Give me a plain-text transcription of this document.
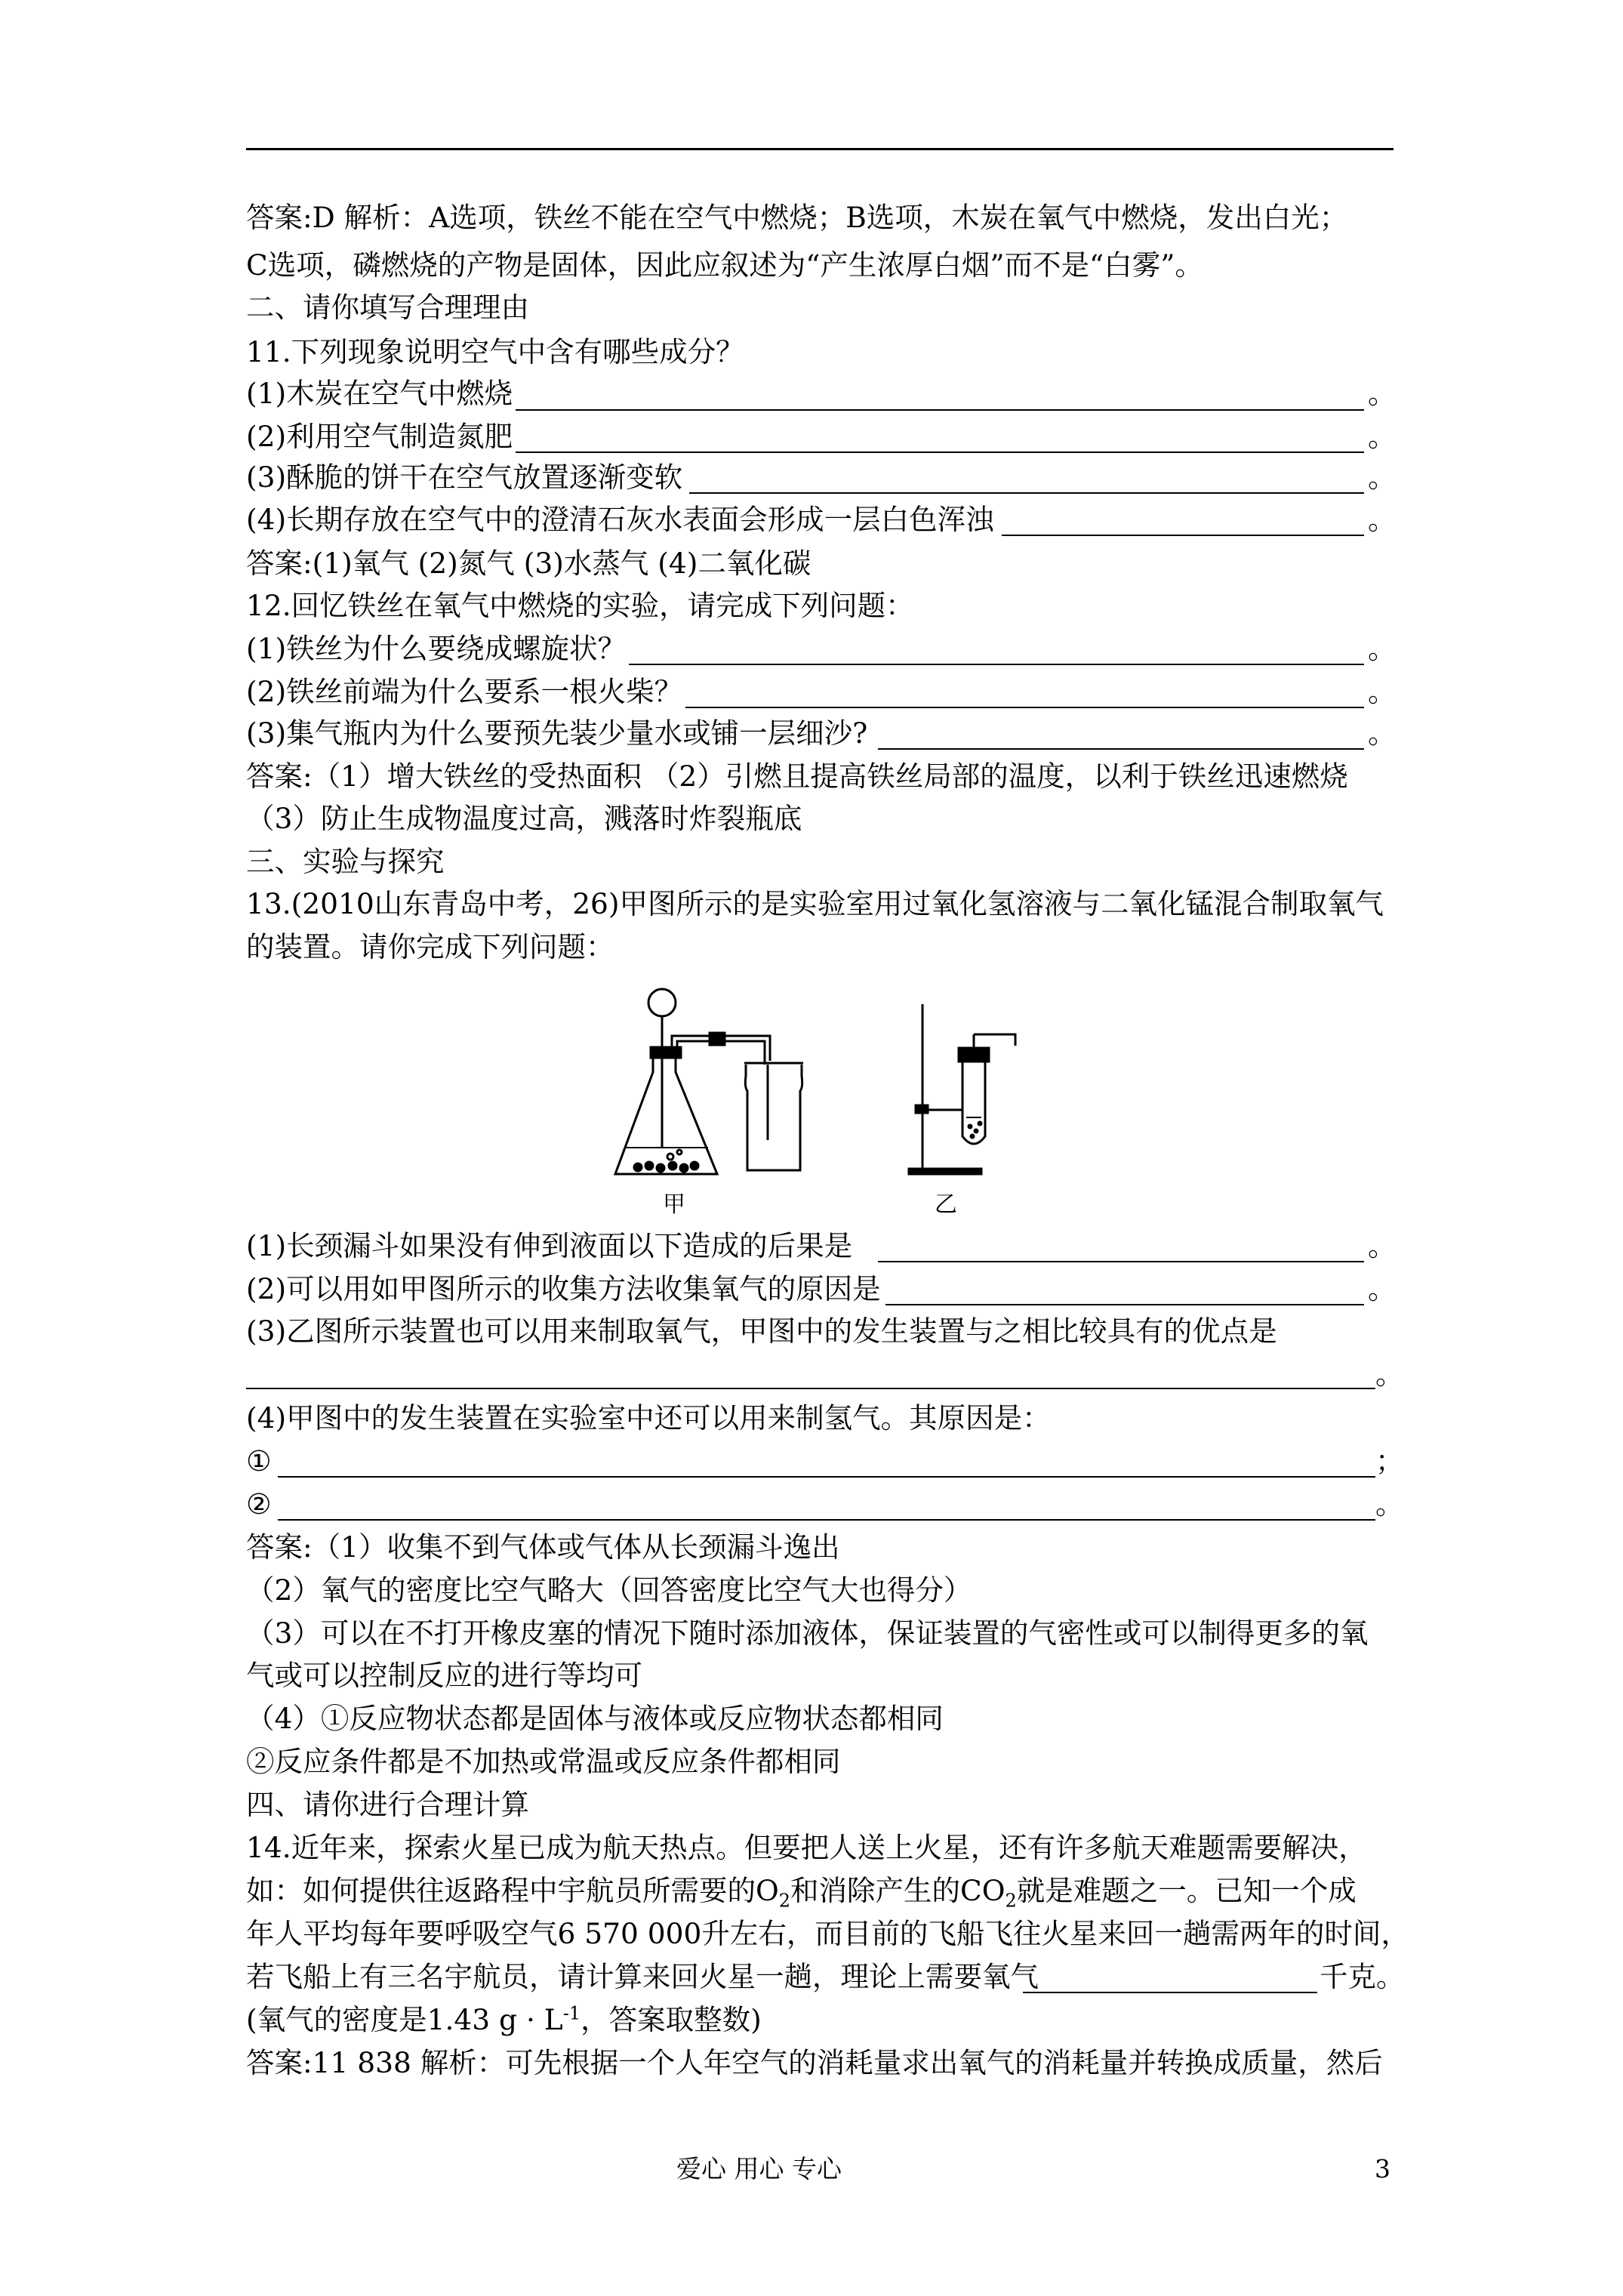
答案:D 解析：A选项，铁丝不能在空气中燃烧；B选项，木炭在氧气中燃烧，发出白光；
C选项，磷燃烧的产物是固体，因此应叙述为“产生浓厚白烟”而不是“白雾”。
二、请你填写合理理由
11.下列现象说明空气中含有哪些成分？
(1)木炭在空气中燃烧	。
(2)利用空气制造氮肥	。
(3)酥脆的饼干在空气放置逐渐变软	。
(4)长期存放在空气中的澄清石灰水表面会形成一层白色浑浊	。
答案:(1)氧气 (2)氮气 (3)水蒸气 (4)二氧化碳
12.回忆铁丝在氧气中燃烧的实验，请完成下列问题：
(1)铁丝为什么要绕成螺旋状？	。
(2)铁丝前端为什么要系一根火柴？	。
(3)集气瓶内为什么要预先装少量水或铺一层细沙?	。
答案:（1）增大铁丝的受热面积 （2）引燃且提高铁丝局部的温度，以利于铁丝迅速燃烧
（3）防止生成物温度过高，溅落时炸裂瓶底
三、实验与探究
13.(2010山东青岛中考，26)甲图所示的是实验室用过氧化氢溶液与二氧化锰混合制取氧气
的装置。请你完成下列问题：
甲	乙
(1)长颈漏斗如果没有伸到液面以下造成的后果是	。
(2)可以用如甲图所示的收集方法收集氧气的原因是	。
(3)乙图所示装置也可以用来制取氧气，甲图中的发生装置与之相比较具有的优点是
。
(4)甲图中的发生装置在实验室中还可以用来制氢气。其原因是：
①	；
②	。
答案:（1）收集不到气体或气体从长颈漏斗逸出
（2）氧气的密度比空气略大（回答密度比空气大也得分）
（3）可以在不打开橡皮塞的情况下随时添加液体，保证装置的气密性或可以制得更多的氧
气或可以控制反应的进行等均可
（4）①反应物状态都是固体与液体或反应物状态都相同
②反应条件都是不加热或常温或反应条件都相同
四、请你进行合理计算
14.近年来，探索火星已成为航天热点。但要把人送上火星，还有许多航天难题需要解决，
如：如何提供往返路程中宇航员所需要的$O_2$和消除产生的$CO_2$就是难题之一。已知一个成
年人平均每年要呼吸空气6 570 000升左右，而目前的飞船飞往火星来回一趟需两年的时间，
若飞船上有三名宇航员，请计算来回火星一趟，理论上需要氧气	千克。
(氧气的密度是1.43 $g \cdot L^{-1}$，答案取整数)
答案:11 838 解析：可先根据一个人年空气的消耗量求出氧气的消耗量并转换成质量，然后
爱心 用心 专心	3
